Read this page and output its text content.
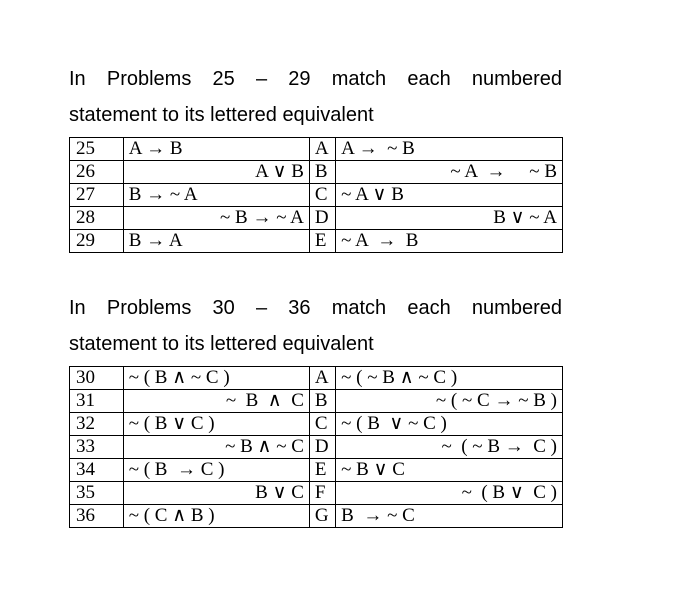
In Problems 25 – 29 match each numbered
statement to its lettered equivalent

25	A → B	A	A →  ~ B
26	A ∨ B	B	~ A  →     ~ B
27	B → ~ A	C	~ A ∨ B
28	~ B → ~ A	D	B ∨ ~ A
29	B → A	E	~ A  →  B

In Problems 30 – 36 match each numbered
statement to its lettered equivalent

30	~ ( B ∧ ~ C )	A	~ ( ~ B ∧ ~ C )
31	~  B  ∧  C	B	~ ( ~ C → ~ B )
32	~ ( B ∨ C )	C	~ ( B  ∨ ~ C )
33	~ B ∧ ~ C	D	~  ( ~ B →  C )
34	~ ( B  → C )	E	~ B ∨ C
35	B ∨ C	F	~  ( B ∨  C )
36	~ ( C ∧ B )	G	B  → ~ C
